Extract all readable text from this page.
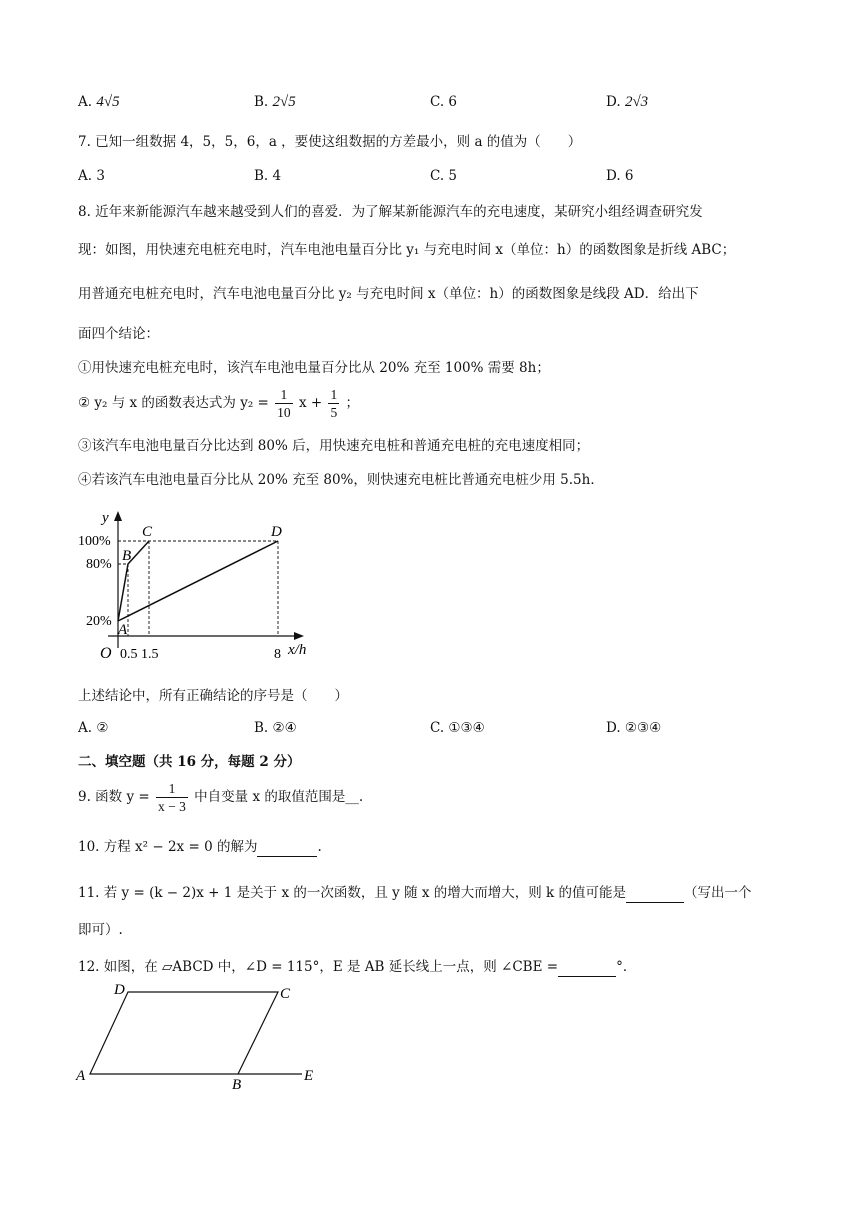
A. 4√5	B. 2√5	C. 6	D. 2√3
7. 已知一组数据 4，5，5，6，a ，要使这组数据的方差最小，则 a 的值为（　　）
A. 3	B. 4	C. 5	D. 6
8. 近年来新能源汽车越来越受到人们的喜爱．为了解某新能源汽车的充电速度，某研究小组经调查研究发
现：如图，用快速充电桩充电时，汽车电池电量百分比 y₁ 与充电时间 x（单位：h）的函数图象是折线 ABC；
用普通充电桩充电时，汽车电池电量百分比 y₂ 与充电时间 x（单位：h）的函数图象是线段 AD．给出下
面四个结论：
①用快速充电桩充电时，该汽车电池电量百分比从 20% 充至 100% 需要 8h；
② y₂ 与 x 的函数表达式为 $y_2 = \frac{1}{10}$ $x + \frac{1}{5}$ ；
③该汽车电池电量百分比达到 80% 后，用快速充电桩和普通充电桩的充电速度相同；
④若该汽车电池电量百分比从 20% 充至 80%，则快速充电桩比普通充电桩少用 5.5h．
y
x/h
O
100%
80%
20%
0.5 1.5	8
A
B
C	D
上述结论中，所有正确结论的序号是（　　）
A. ②	B. ②④	C. ①③④	D. ②③④
二、填空题（共 16 分，每题 2 分）
9. 函数 $y = \frac{1}{x - 3}$ 中自变量 x 的取值范围是__.
10. 方程 x² − 2x = 0 的解为	.
11. 若 y = (k − 2)x + 1 是关于 x 的一次函数，且 y 随 x 的增大而增大，则 k 的值可能是	（写出一个
即可）.
12. 如图，在 ▱ABCD 中，∠D = 115°，E 是 AB 延长线上一点，则 ∠CBE =	°．
A
B
C
D
E
